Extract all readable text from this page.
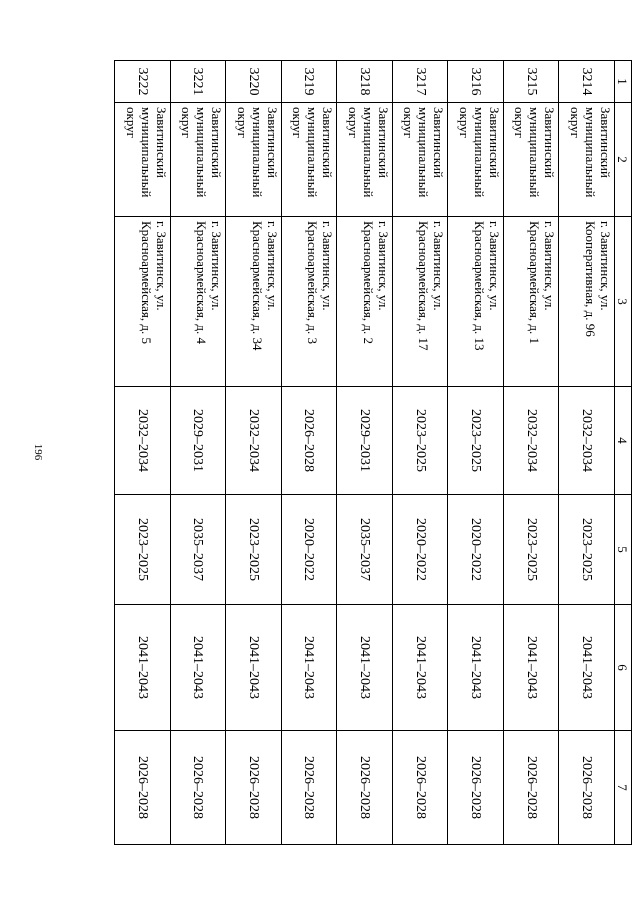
196
1	2	3	4	5	6	7
3214	Завитинский муниципальный округ	г. Завитинск, ул. Кооперативная, д. 96	2032–2034	2023–2025	2041–2043	2026–2028
3215	Завитинский муниципальный округ	г. Завитинск, ул. Красноармейская, д. 1	2032–2034	2023–2025	2041–2043	2026–2028
3216	Завитинский муниципальный округ	г. Завитинск, ул. Красноармейская, д. 13	2023–2025	2020–2022	2041–2043	2026–2028
3217	Завитинский муниципальный округ	г. Завитинск, ул. Красноармейская, д. 17	2023–2025	2020–2022	2041–2043	2026–2028
3218	Завитинский муниципальный округ	г. Завитинск, ул. Красноармейская, д. 2	2029–2031	2035–2037	2041–2043	2026–2028
3219	Завитинский муниципальный округ	г. Завитинск, ул. Красноармейская, д. 3	2026–2028	2020–2022	2041–2043	2026–2028
3220	Завитинский муниципальный округ	г. Завитинск, ул. Красноармейская, д. 34	2032–2034	2023–2025	2041–2043	2026–2028
3221	Завитинский муниципальный округ	г. Завитинск, ул. Красноармейская, д. 4	2029–2031	2035–2037	2041–2043	2026–2028
3222	Завитинский муниципальный округ	г. Завитинск, ул. Красноармейская, д. 5	2032–2034	2023–2025	2041–2043	2026–2028
